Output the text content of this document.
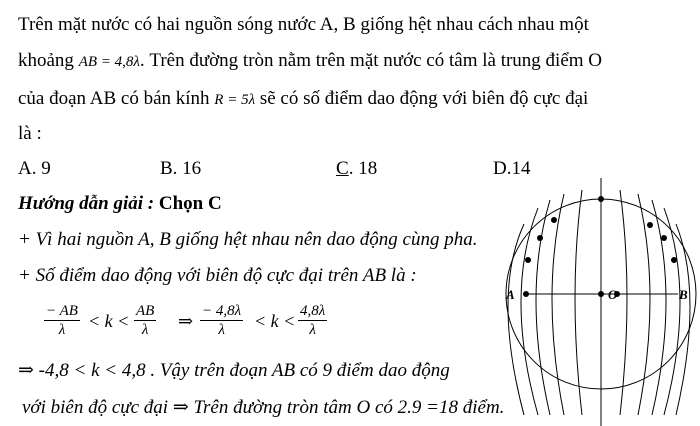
Trên mặt nước có hai nguồn sóng nước A, B giống hệt nhau cách nhau một
khoảng AB = 4,8λ. Trên đường tròn nằm trên mặt nước có tâm là trung điểm O
của đoạn AB có bán kính R = 5λ sẽ có số điểm dao động với biên độ cực đại
là :
A. 9	B. 16	C. 18	D.14
Hướng dẫn giải : Chọn C
+ Vì hai nguồn A, B giống hệt nhau nên dao động cùng pha.
+ Số điểm dao động với biên độ cực đại trên AB là :
$\frac{- AB}{\lambda} < k < \frac{AB}{\lambda}$ ⇒ $\frac{- 4,8\lambda}{\lambda} < k < \frac{4,8\lambda}{\lambda}$
⇒ -4,8 < k < 4,8 . Vậy trên đoạn AB có 9 điểm dao động
với biên độ cực đại ⇒ Trên đường tròn tâm O có 2.9 =18 điểm.
A	O	B
